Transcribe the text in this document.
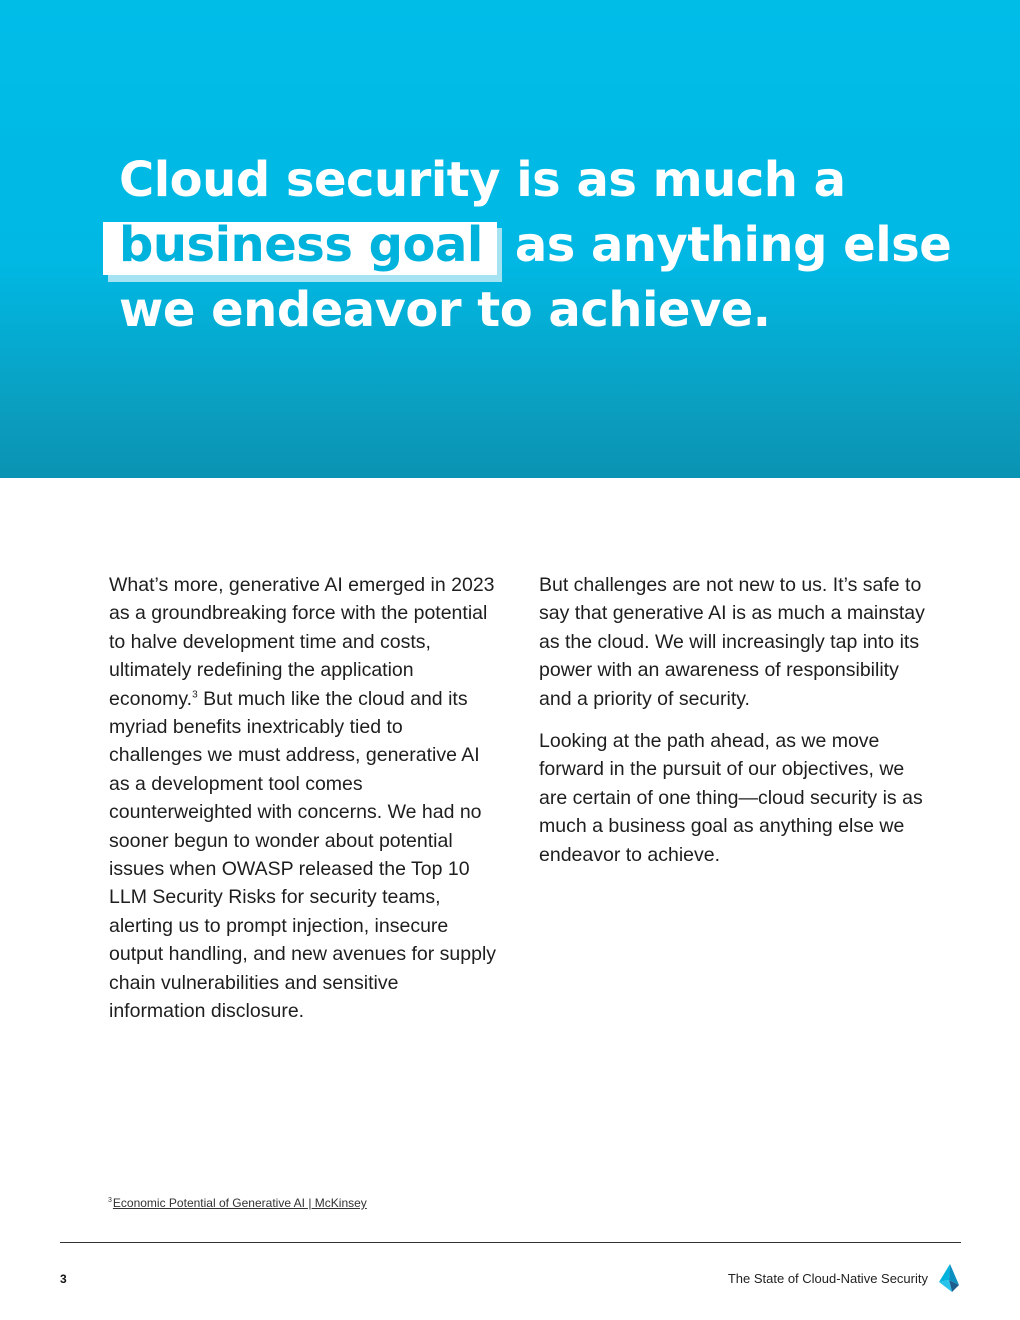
Cloud security is as much a
business goal as anything else
we endeavor to achieve.

What’s more, generative AI emerged in 2023 as a groundbreaking force with the potential to halve development time and costs, ultimately redefining the application economy.$^3$ But much like the cloud and its myriad benefits inextricably tied to challenges we must address, generative AI as a development tool comes counterweighted with concerns. We had no sooner begun to wonder about potential issues when OWASP released the Top 10 LLM Security Risks for security teams, alerting us to prompt injection, insecure output handling, and new avenues for supply chain vulnerabilities and sensitive information disclosure.

But challenges are not new to us. It’s safe to say that generative AI is as much a mainstay as the cloud. We will increasingly tap into its power with an awareness of responsibility and a priority of security.

Looking at the path ahead, as we move forward in the pursuit of our objectives, we are certain of one thing—cloud security is as much a business goal as anything else we endeavor to achieve.

$^3$Economic Potential of Generative AI | McKinsey
3	The State of Cloud-Native Security
